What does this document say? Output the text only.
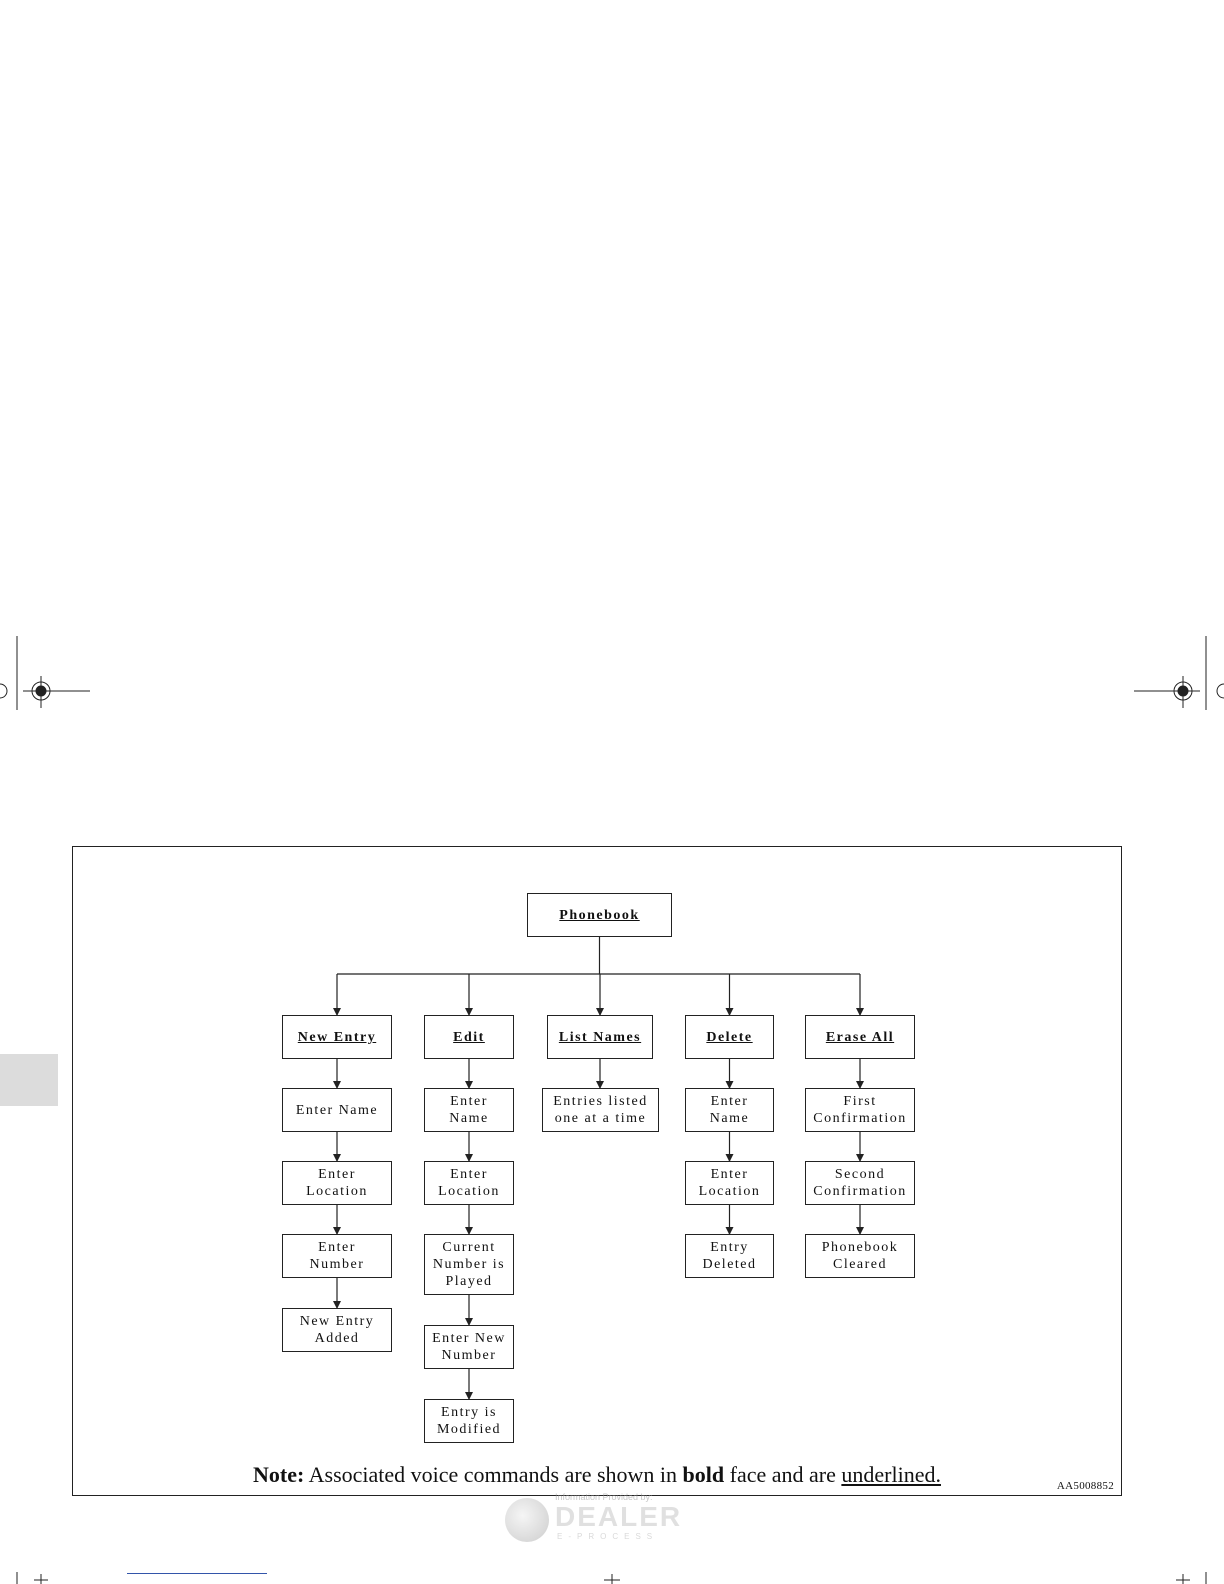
Phonebook
New Entry	Edit	List Names	Delete	Erase All
Enter Name
Enter
Location
Enter
Number
New Entry
Added
Enter
Name
Enter
Location
Current
Number is
Played
Enter New
Number
Entry is
Modified
Entries listed
one at a time
Enter
Name
Enter
Location
Entry
Deleted
First
Confirmation
Second
Confirmation
Phonebook
Cleared
Note: Associated voice commands are shown in bold face and are underlined.	AA5008852
Information Provided by:
DEALER
E-PROCESS
